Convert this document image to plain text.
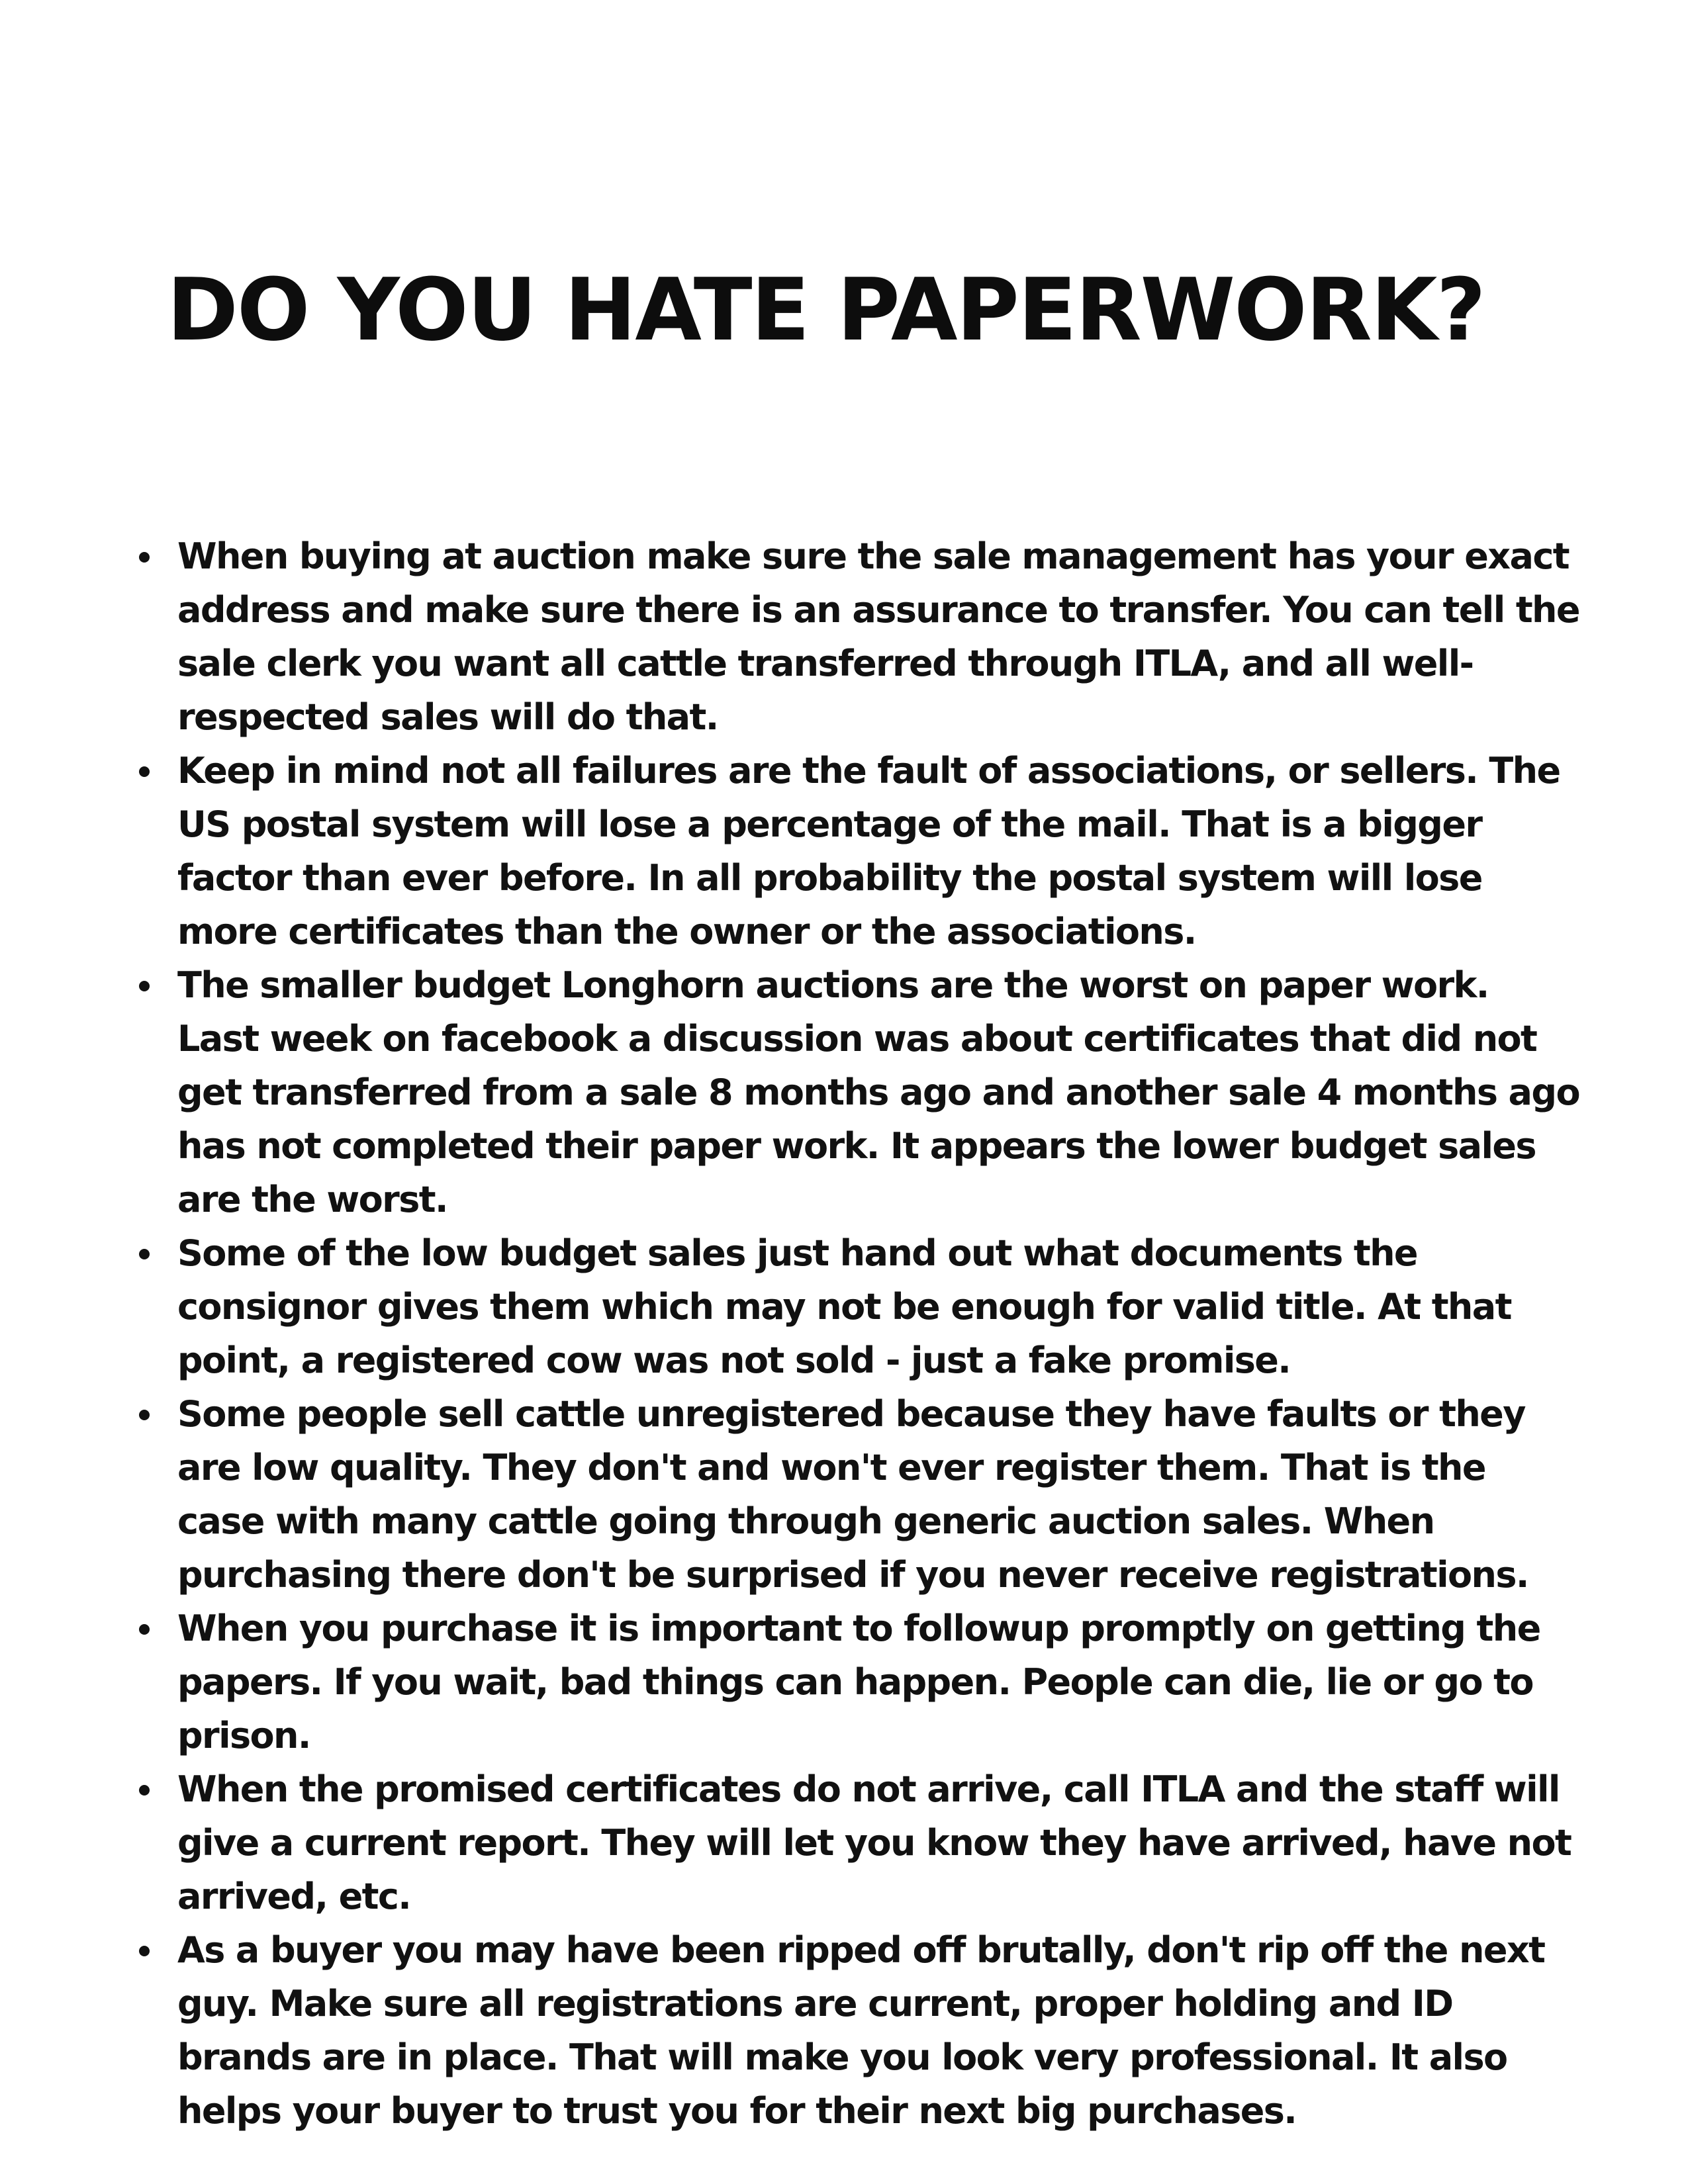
DO YOU HATE PAPERWORK?
When buying at auction make sure the sale management has your exact address and make sure there is an assurance to transfer. You can tell the sale clerk you want all cattle transferred through ITLA, and all well-respected sales will do that.
Keep in mind not all failures are the fault of associations, or sellers. The US postal system will lose a percentage of the mail. That is a bigger factor than ever before. In all probability the postal system will lose more certificates than the owner or the associations.
The smaller budget Longhorn auctions are the worst on paper work. Last week on facebook a discussion was about certificates that did not get transferred from a sale 8 months ago and another sale 4 months ago has not completed their paper work. It appears the lower budget sales are the worst.
Some of the low budget sales just hand out what documents the consignor gives them which may not be enough for valid title. At that point, a registered cow was not sold - just a fake promise.
Some people sell cattle unregistered because they have faults or they are low quality. They don't and won't ever register them. That is the case with many cattle going through generic auction sales. When purchasing there don't be surprised if you never receive registrations.
When you purchase it is important to followup promptly on getting the papers. If you wait, bad things can happen. People can die, lie or go to prison.
When the promised certificates do not arrive, call ITLA and the staff will give a current report. They will let you know they have arrived, have not arrived, etc.
As a buyer you may have been ripped off brutally, don't rip off the next guy. Make sure all registrations are current, proper holding and ID brands are in place. That will make you look very professional. It also helps your buyer to trust you for their next big purchases.
